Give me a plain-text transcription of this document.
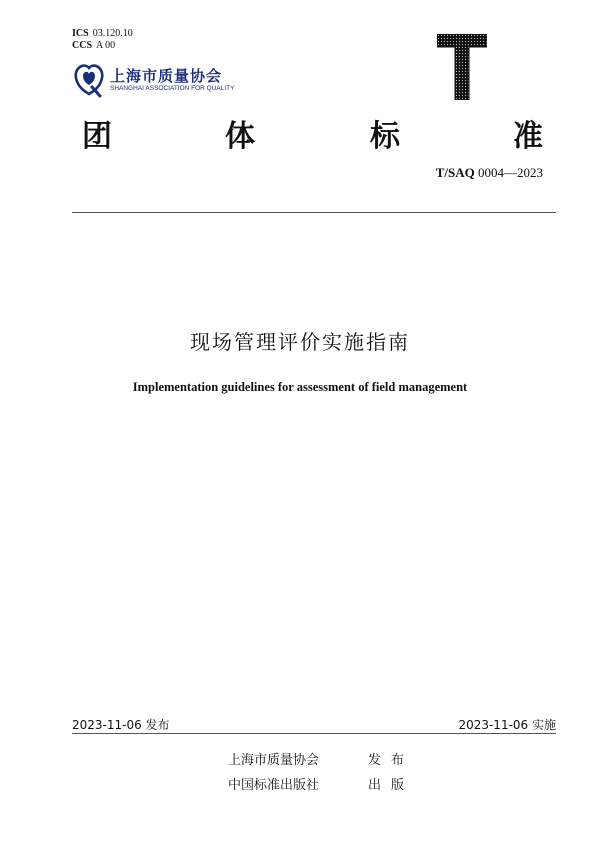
ICS 03.120.10
CCS A 00
上海市质量协会
SHANGHAI ASSOCIATION FOR QUALITY
团	体	标	准
T/SAQ 0004—2023
现场管理评价实施指南
Implementation guidelines for assessment of field management
2023-11-06 发布	2023-11-06 实施
上海市质量协会	发布
中国标准出版社	出版
